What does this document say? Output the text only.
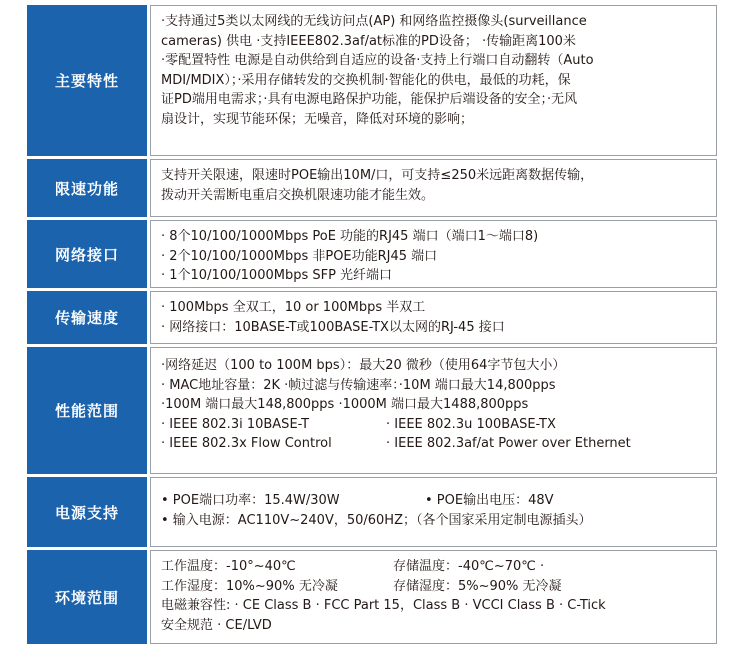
主要特性
·支持通过5类以太网线的无线访问点(AP) 和网络监控摄像头(surveillance
cameras) 供电 ·支持IEEE802.3af/at标准的PD设备； ·传输距离100米
·零配置特性 电源是自动供给到自适应的设备·支持上行端口自动翻转（Auto
MDI/MDIX）；·采用存储转发的交换机制·智能化的供电，最低的功耗，保
证PD端用电需求；·具有电源电路保护功能，能保护后端设备的安全；·无风
扇设计，实现节能环保；无噪音，降低对环境的影响；
限速功能
支持开关限速，限速时POE输出10M/口，可支持≤250米远距离数据传输，
拨动开关需断电重启交换机限速功能才能生效。
网络接口
· 8个10/100/1000Mbps PoE 功能的RJ45 端口（端口1～端口8)
· 2个10/100/1000Mbps 非POE功能RJ45 端口
· 1个10/100/1000Mbps SFP 光纤端口
传输速度
· 100Mbps 全双工，10 or 100Mbps 半双工
· 网络接口：10BASE-T或100BASE-TX以太网的RJ-45 接口
性能范围
·网络延迟（100 to 100M bps）：最大20 微秒（使用64字节包大小）
· MAC地址容量：2K ·帧过滤与传输速率：·10M 端口最大14,800pps
·100M 端口最大148,800pps ·1000M 端口最大1488,800pps
· IEEE 802.3i 10BASE-T	· IEEE 802.3u 100BASE-TX
· IEEE 802.3x Flow Control	· IEEE 802.3af/at Power over Ethernet
电源支持
• POE端口功率：15.4W/30W	• POE输出电压：48V
• 输入电源：AC110V~240V，50/60HZ；（各个国家采用定制电源插头）
环境范围
工作温度：-10°~40℃	存储温度：-40℃~70℃ ·
工作湿度：10%~90% 无冷凝	存储湿度：5%~90% 无冷凝
电磁兼容性: · CE Class B · FCC Part 15，Class B · VCCI Class B · C-Tick
安全规范 · CE/LVD
